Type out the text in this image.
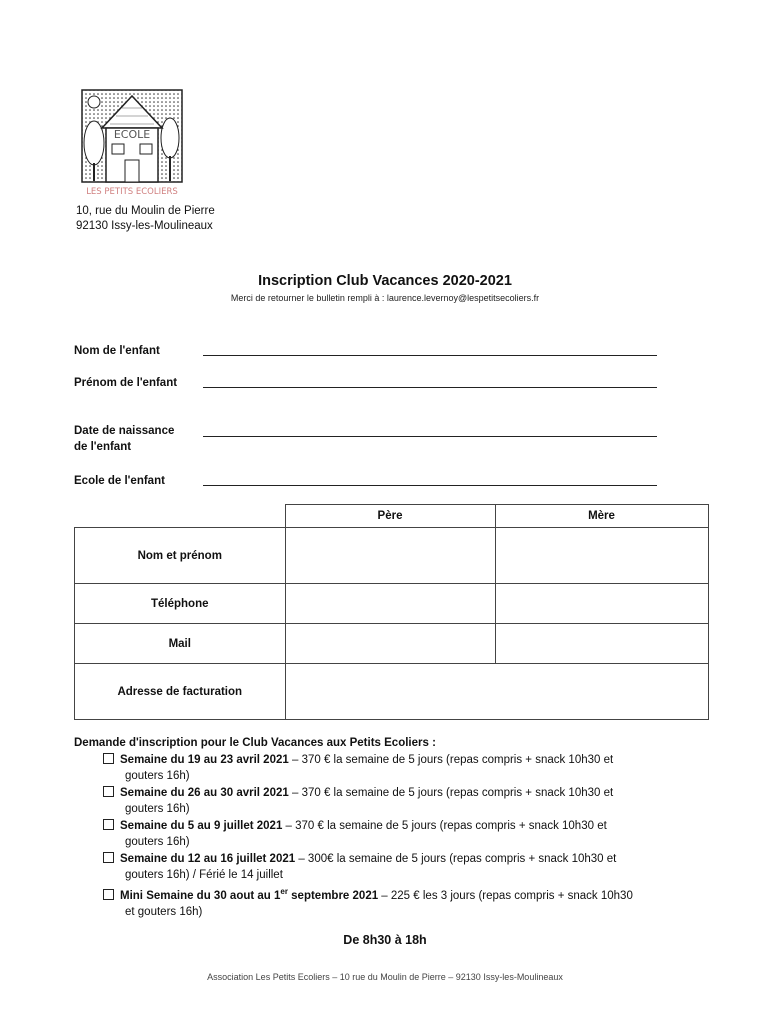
ECOLE
LES PETITS ECOLIERS
10, rue du Moulin de Pierre
92130 Issy-les-Moulineaux
Inscription Club Vacances 2020-2021
Merci de retourner le bulletin rempli à : laurence.levernoy@lespetitsecoliers.fr
Nom de l'enfant
Prénom de l'enfant
Date de naissance de l'enfant
Ecole de l'enfant
	Père	Mère
Nom et prénom		
Téléphone		
Mail		
Adresse de facturation		
Demande d'inscription pour le Club Vacances aux Petits Ecoliers :
Semaine du 19 au 23 avril 2021 – 370 € la semaine de 5 jours (repas compris + snack 10h30 et
gouters 16h)
Semaine du 26 au 30 avril 2021 – 370 € la semaine de 5 jours (repas compris + snack 10h30 et
gouters 16h)
Semaine du 5 au 9 juillet 2021 – 370 € la semaine de 5 jours (repas compris + snack 10h30 et
gouters 16h)
Semaine du 12 au 16 juillet 2021 – 300€ la semaine de 5 jours (repas compris + snack 10h30 et
gouters 16h) / Férié le 14 juillet
Mini Semaine du 30 aout au 1er septembre 2021 – 225 € les 3 jours (repas compris + snack 10h30
et gouters 16h)
De 8h30 à 18h
Association Les Petits Ecoliers – 10 rue du Moulin de Pierre – 92130 Issy-les-Moulineaux
